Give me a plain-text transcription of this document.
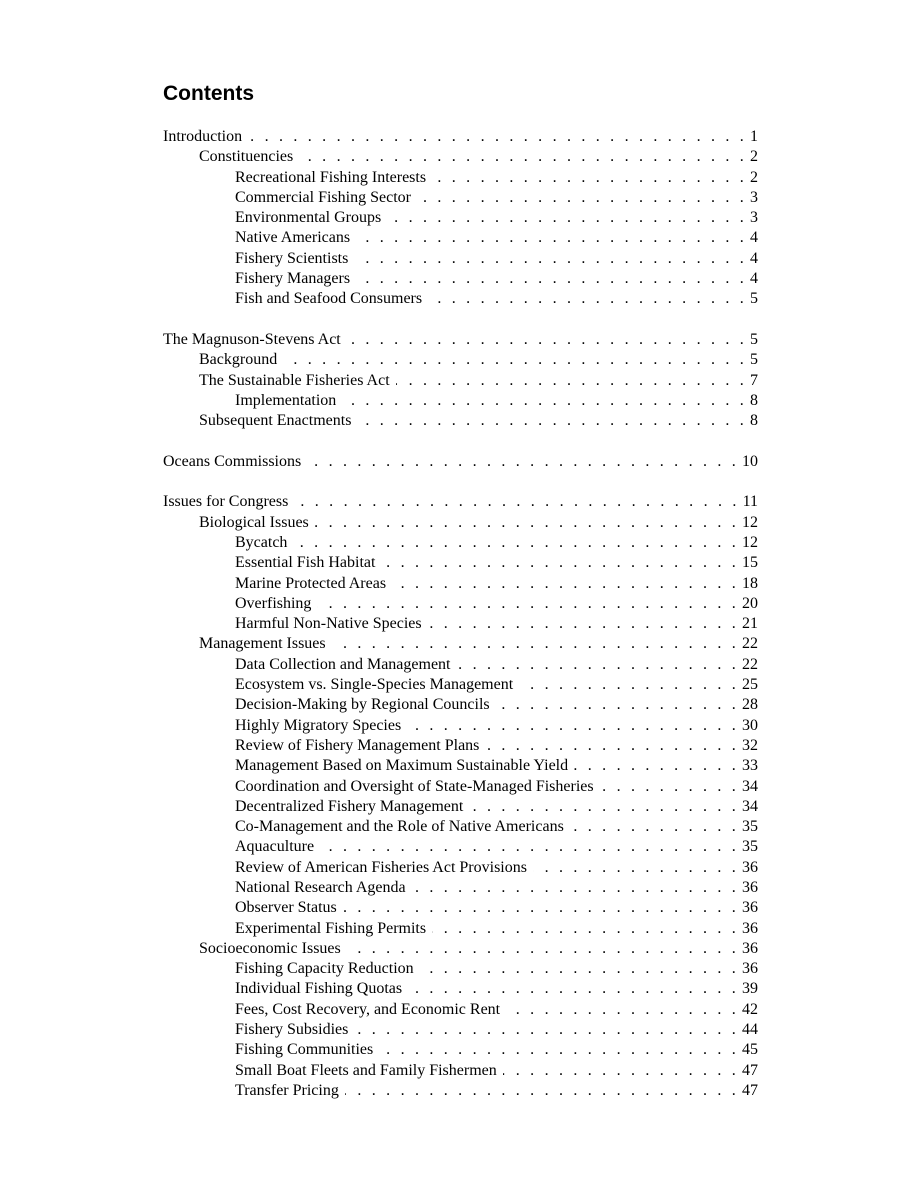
Contents
Introduction . . .	1
Constituencies . . .	2
Recreational Fishing Interests . . .	2
Commercial Fishing Sector . . .	3
Environmental Groups . . .	3
Native Americans . . .	4
Fishery Scientists . . .	4
Fishery Managers . . .	4
Fish and Seafood Consumers . . .	5
The Magnuson-Stevens Act . . .	5
Background . . .	5
The Sustainable Fisheries Act . . .	7
Implementation . . .	8
Subsequent Enactments . . .	8
Oceans Commissions . . .	10
Issues for Congress . . .	11
Biological Issues . . .	12
Bycatch . . .	12
Essential Fish Habitat . . .	15
Marine Protected Areas . . .	18
Overfishing . . .	20
Harmful Non-Native Species . . .	21
Management Issues . . .	22
Data Collection and Management . . .	22
Ecosystem vs. Single-Species Management . . .	25
Decision-Making by Regional Councils . . .	28
Highly Migratory Species . . .	30
Review of Fishery Management Plans . . .	32
Management Based on Maximum Sustainable Yield . . .	33
Coordination and Oversight of State-Managed Fisheries . . .	34
Decentralized Fishery Management . . .	34
Co-Management and the Role of Native Americans . . .	35
Aquaculture . . .	35
Review of American Fisheries Act Provisions . . .	36
National Research Agenda . . .	36
Observer Status . . .	36
Experimental Fishing Permits . . .	36
Socioeconomic Issues . . .	36
Fishing Capacity Reduction . . .	36
Individual Fishing Quotas . . .	39
Fees, Cost Recovery, and Economic Rent . . .	42
Fishery Subsidies . . .	44
Fishing Communities . . .	45
Small Boat Fleets and Family Fishermen . . .	47
Transfer Pricing . . .	47
